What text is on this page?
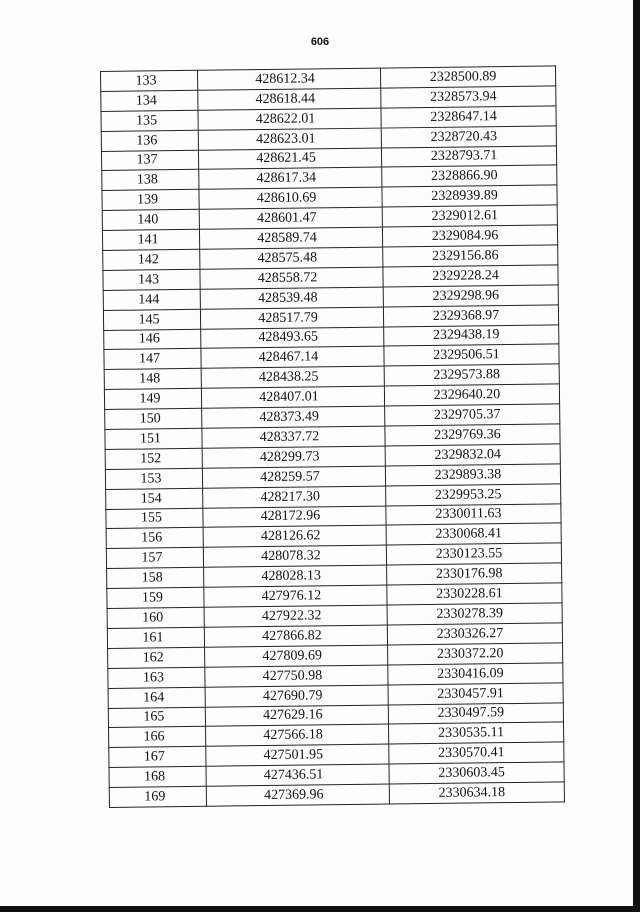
606
133	428612.34	2328500.89
134	428618.44	2328573.94
135	428622.01	2328647.14
136	428623.01	2328720.43
137	428621.45	2328793.71
138	428617.34	2328866.90
139	428610.69	2328939.89
140	428601.47	2329012.61
141	428589.74	2329084.96
142	428575.48	2329156.86
143	428558.72	2329228.24
144	428539.48	2329298.96
145	428517.79	2329368.97
146	428493.65	2329438.19
147	428467.14	2329506.51
148	428438.25	2329573.88
149	428407.01	2329640.20
150	428373.49	2329705.37
151	428337.72	2329769.36
152	428299.73	2329832.04
153	428259.57	2329893.38
154	428217.30	2329953.25
155	428172.96	2330011.63
156	428126.62	2330068.41
157	428078.32	2330123.55
158	428028.13	2330176.98
159	427976.12	2330228.61
160	427922.32	2330278.39
161	427866.82	2330326.27
162	427809.69	2330372.20
163	427750.98	2330416.09
164	427690.79	2330457.91
165	427629.16	2330497.59
166	427566.18	2330535.11
167	427501.95	2330570.41
168	427436.51	2330603.45
169	427369.96	2330634.18
